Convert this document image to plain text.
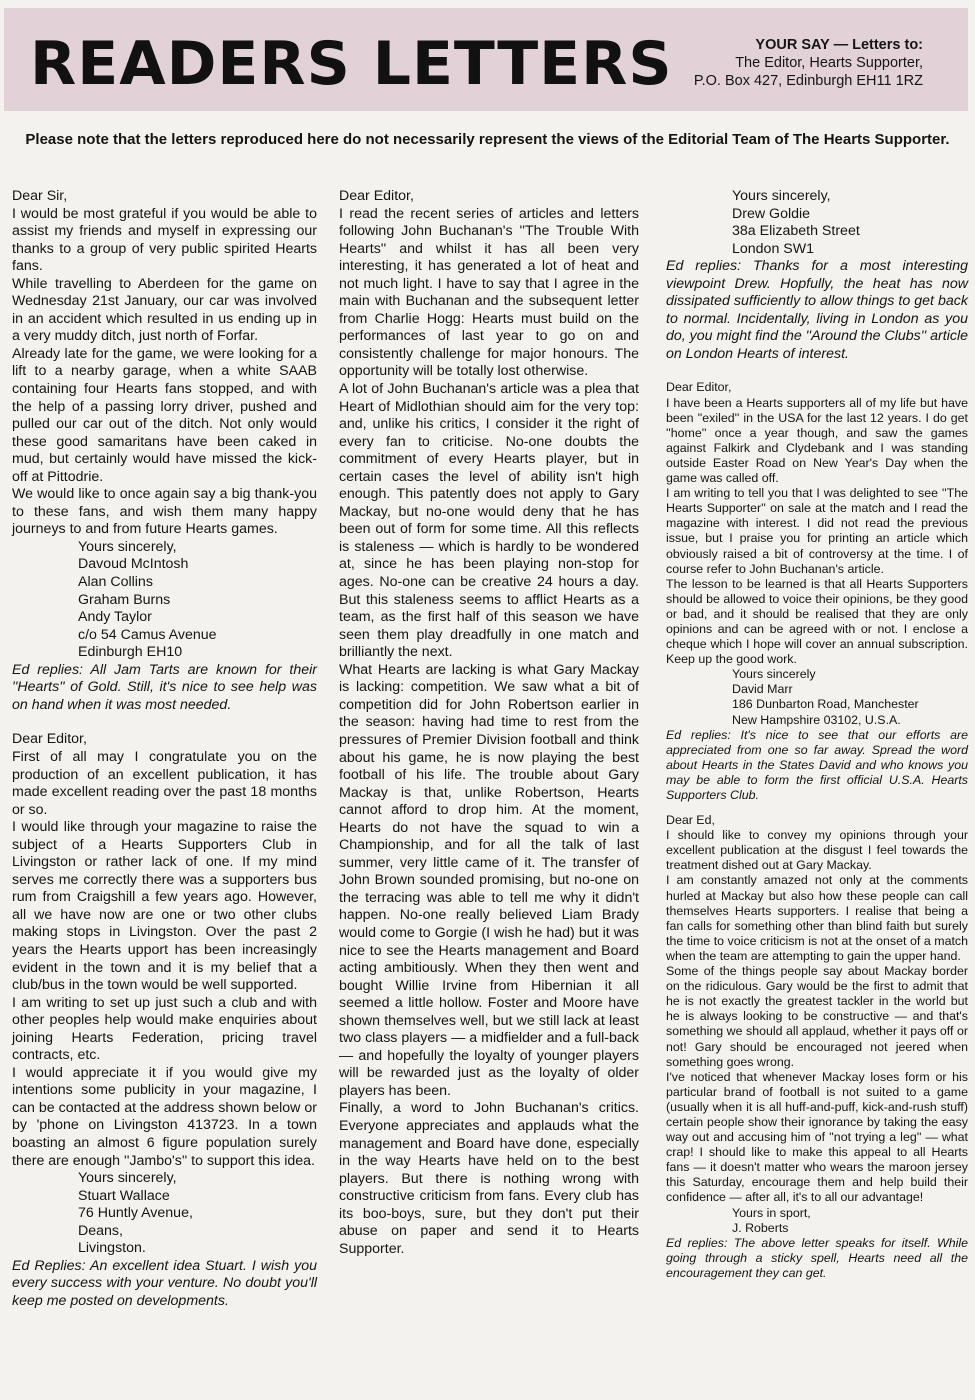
READERS LETTERS	YOUR SAY — Letters to:
The Editor, Hearts Supporter,
P.O. Box 427, Edinburgh EH11 1RZ
Please note that the letters reproduced here do not necessarily represent the views of the Editorial Team of The Hearts Supporter.

Dear Sir,

I would be most grateful if you would be able to assist my friends and myself in expressing our thanks to a group of very public spirited Hearts fans.

While travelling to Aberdeen for the game on Wednesday 21st January, our car was involved in an accident which resulted in us ending up in a very muddy ditch, just north of Forfar.

Already late for the game, we were looking for a lift to a nearby garage, when a white SAAB containing four Hearts fans stopped, and with the help of a passing lorry driver, pushed and pulled our car out of the ditch. Not only would these good samaritans have been caked in mud, but certainly would have missed the kick-off at Pittodrie.

We would like to once again say a big thank-you to these fans, and wish them many happy journeys to and from future Hearts games.

Yours sincerely,
Davoud McIntosh
Alan Collins
Graham Burns
Andy Taylor
c/o 54 Camus Avenue
Edinburgh EH10

Ed replies: All Jam Tarts are known for their ''Hearts'' of Gold. Still, it's nice to see help was on hand when it was most needed.

Dear Editor,

First of all may I congratulate you on the production of an excellent publication, it has made excellent reading over the past 18 months or so.

I would like through your magazine to raise the subject of a Hearts Supporters Club in Livingston or rather lack of one. If my mind serves me correctly there was a supporters bus rum from Craigshill a few years ago. However, all we have now are one or two other clubs making stops in Livingston. Over the past 2 years the Hearts upport has been increasingly evident in the town and it is my belief that a club/bus in the town would be well supported.

I am writing to set up just such a club and with other peoples help would make enquiries about joining Hearts Federation, pricing travel contracts, etc.

I would appreciate it if you would give my intentions some publicity in your magazine, I can be contacted at the address shown below or by 'phone on Livingston 413723. In a town boasting an almost 6 figure population surely there are enough ''Jambo's'' to support this idea.

Yours sincerely,
Stuart Wallace
76 Huntly Avenue,
Deans,
Livingston.

Ed Replies: An excellent idea Stuart. I wish you every success with your venture. No doubt you'll keep me posted on developments.

Dear Editor,

I read the recent series of articles and letters following John Buchanan's ''The Trouble With Hearts'' and whilst it has all been very interesting, it has generated a lot of heat and not much light. I have to say that I agree in the main with Buchanan and the subsequent letter from Charlie Hogg: Hearts must build on the performances of last year to go on and consistently challenge for major honours. The opportunity will be totally lost otherwise.

A lot of John Buchanan's article was a plea that Heart of Midlothian should aim for the very top: and, unlike his critics, I consider it the right of every fan to criticise. No-one doubts the commitment of every Hearts player, but in certain cases the level of ability isn't high enough. This patently does not apply to Gary Mackay, but no-one would deny that he has been out of form for some time. All this reflects is staleness — which is hardly to be wondered at, since he has been playing non-stop for ages. No-one can be creative 24 hours a day. But this staleness seems to afflict Hearts as a team, as the first half of this season we have seen them play dreadfully in one match and brilliantly the next.

What Hearts are lacking is what Gary Mackay is lacking: competition. We saw what a bit of competition did for John Robertson earlier in the season: having had time to rest from the pressures of Premier Division football and think about his game, he is now playing the best football of his life. The trouble about Gary Mackay is that, unlike Robertson, Hearts cannot afford to drop him. At the moment, Hearts do not have the squad to win a Championship, and for all the talk of last summer, very little came of it. The transfer of John Brown sounded promising, but no-one on the terracing was able to tell me why it didn't happen. No-one really believed Liam Brady would come to Gorgie (I wish he had) but it was nice to see the Hearts management and Board acting ambitiously. When they then went and bought Willie Irvine from Hibernian it all seemed a little hollow. Foster and Moore have shown themselves well, but we still lack at least two class players — a midfielder and a full-back — and hopefully the loyalty of younger players will be rewarded just as the loyalty of older players has been.

Finally, a word to John Buchanan's critics. Everyone appreciates and applauds what the management and Board have done, especially in the way Hearts have held on to the best players. But there is nothing wrong with constructive criticism from fans. Every club has its boo-boys, sure, but they don't put their abuse on paper and send it to Hearts Supporter.

Yours sincerely,
Drew Goldie
38a Elizabeth Street
London SW1

Ed replies: Thanks for a most interesting viewpoint Drew. Hopfully, the heat has now dissipated sufficiently to allow things to get back to normal. Incidentally, living in London as you do, you might find the ''Around the Clubs'' article on London Hearts of interest.

Dear Editor,

I have been a Hearts supporters all of my life but have been ''exiled'' in the USA for the last 12 years. I do get ''home'' once a year though, and saw the games against Falkirk and Clydebank and I was standing outside Easter Road on New Year's Day when the game was called off.

I am writing to tell you that I was delighted to see ''The Hearts Supporter'' on sale at the match and I read the magazine with interest. I did not read the previous issue, but I praise you for printing an article which obviously raised a bit of controversy at the time. I of course refer to John Buchanan's article.

The lesson to be learned is that all Hearts Supporters should be allowed to voice their opinions, be they good or bad, and it should be realised that they are only opinions and can be agreed with or not. I enclose a cheque which I hope will cover an annual subscription. Keep up the good work.

Yours sincerely
David Marr
186 Dunbarton Road, Manchester
New Hampshire 03102, U.S.A.

Ed replies: It's nice to see that our efforts are appreciated from one so far away. Spread the word about Hearts in the States David and who knows you may be able to form the first official U.S.A. Hearts Supporters Club.

Dear Ed,

I should like to convey my opinions through your excellent publication at the disgust I feel towards the treatment dished out at Gary Mackay.

I am constantly amazed not only at the comments hurled at Mackay but also how these people can call themselves Hearts supporters. I realise that being a fan calls for something other than blind faith but surely the time to voice criticism is not at the onset of a match when the team are attempting to gain the upper hand.

Some of the things people say about Mackay border on the ridiculous. Gary would be the first to admit that he is not exactly the greatest tackler in the world but he is always looking to be constructive — and that's something we should all applaud, whether it pays off or not! Gary should be encouraged not jeered when something goes wrong.

I've noticed that whenever Mackay loses form or his particular brand of football is not suited to a game (usually when it is all huff-and-puff, kick-and-rush stuff) certain people show their ignorance by taking the easy way out and accusing him of ''not trying a leg'' — what crap! I should like to make this appeal to all Hearts fans — it doesn't matter who wears the maroon jersey this Saturday, encourage them and help build their confidence — after all, it's to all our advantage!

Yours in sport,
J. Roberts

Ed replies: The above letter speaks for itself. While going through a sticky spell, Hearts need all the encouragement they can get.
